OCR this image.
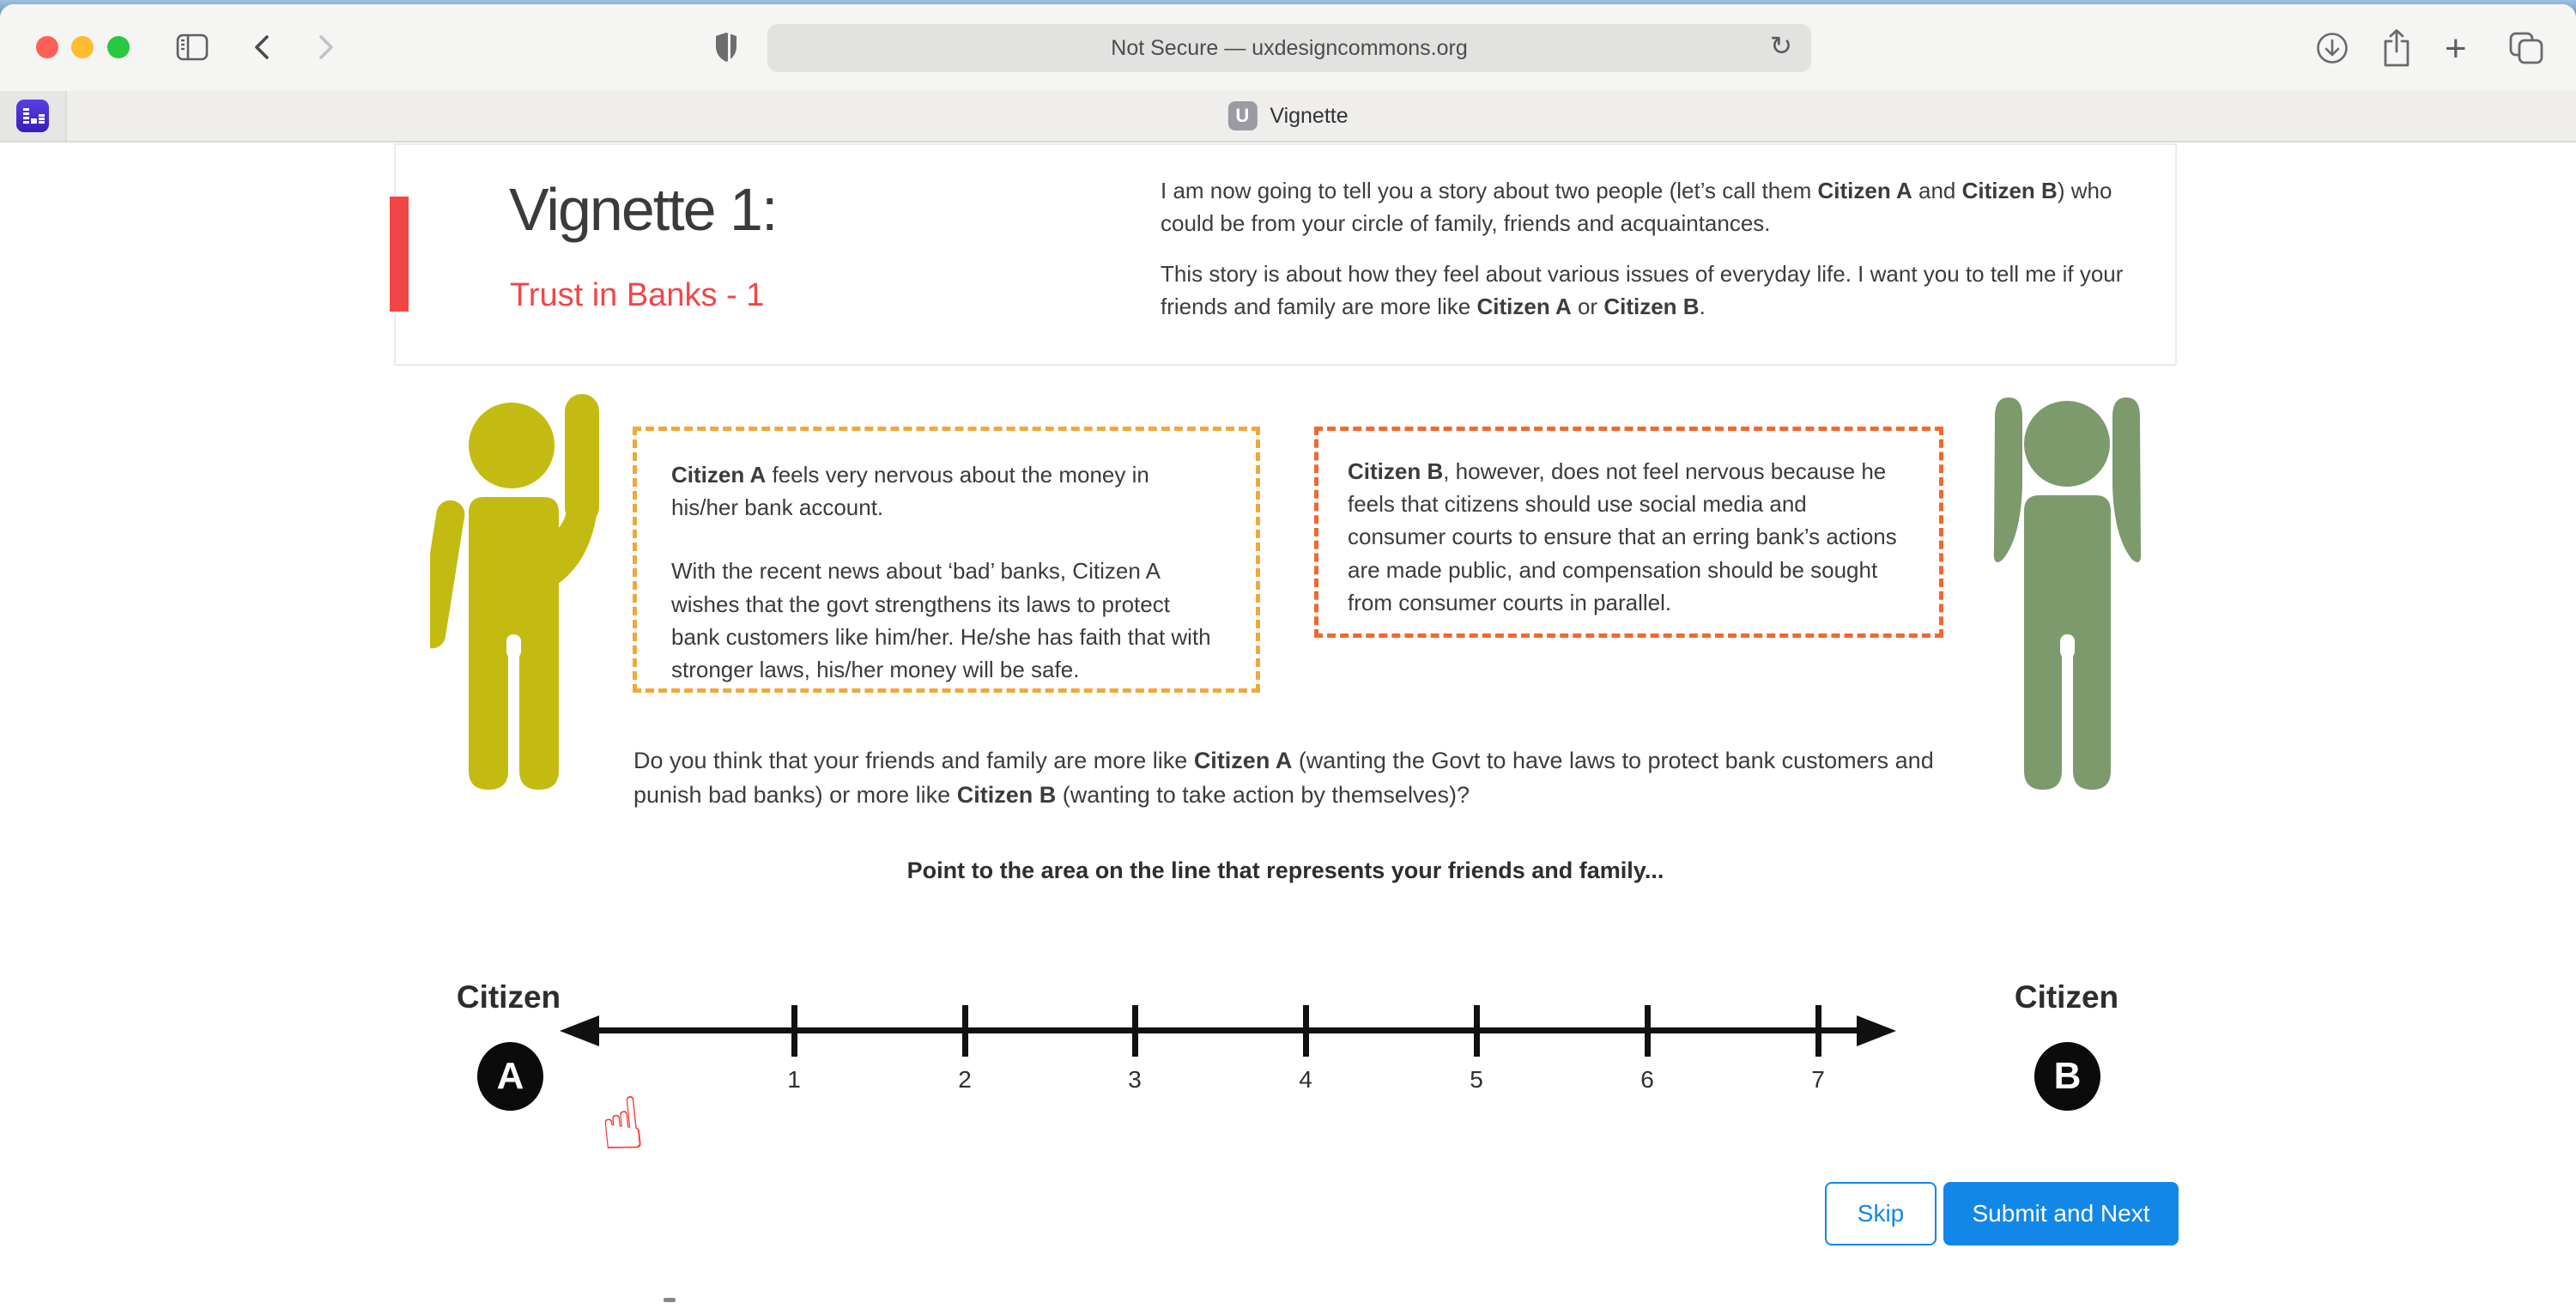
Not Secure — uxdesigncommons.org	↻	+
U Vignette
Vignette 1:
Trust in Banks - 1

I am now going to tell you a story about two people (let’s call them Citizen A and Citizen B) who could be from your circle of family, friends and acquaintances.

This story is about how they feel about various issues of everyday life. I want you to tell me if your friends and family are more like Citizen A or Citizen B.

Citizen A feels very nervous about the money in his/her bank account.

With the recent news about ‘bad’ banks, Citizen A wishes that the govt strengthens its laws to protect bank customers like him/her. He/she has faith that with stronger laws, his/her money will be safe.

Citizen B, however, does not feel nervous because he feels that citizens should use social media and consumer courts to ensure that an erring bank’s actions are made public, and compensation should be sought from consumer courts in parallel.

Do you think that your friends and family are more like Citizen A (wanting the Govt to have laws to protect bank customers and punish bad banks) or more like Citizen B (wanting to take action by themselves)?
Point to the area on the line that represents your friends and family...
Citizen
A
Citizen
B
1	2	3	4	5	6	7
☝
Skip	Submit and Next
